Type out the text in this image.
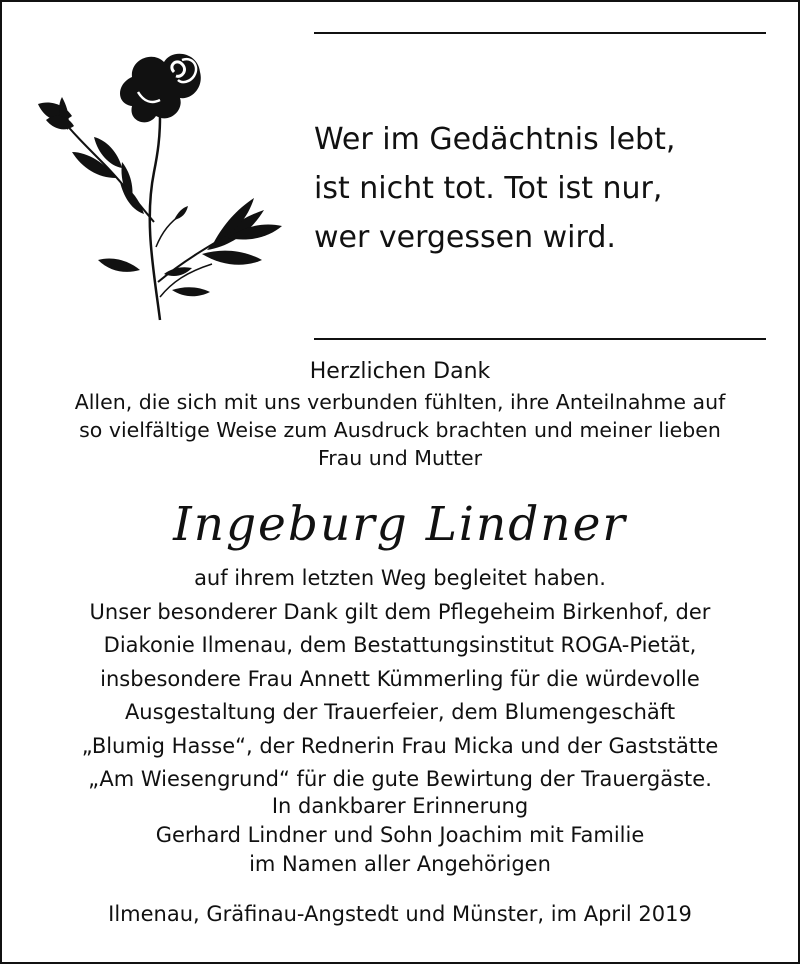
Wer im Gedächtnis lebt,
ist nicht tot. Tot ist nur,
wer vergessen wird.

Herzlichen Dank

Allen, die sich mit uns verbunden fühlten, ihre Anteilnahme auf
so vielfältige Weise zum Ausdruck brachten und meiner lieben
Frau und Mutter

Ingeburg Lindner

auf ihrem letzten Weg begleitet haben.
Unser besonderer Dank gilt dem Pflegeheim Birkenhof, der
Diakonie Ilmenau, dem Bestattungsinstitut ROGA-Pietät,
insbesondere Frau Annett Kümmerling für die würdevolle
Ausgestaltung der Trauerfeier, dem Blumengeschäft
„Blumig Hasse“, der Rednerin Frau Micka und der Gaststätte
„Am Wiesengrund“ für die gute Bewirtung der Trauergäste.

In dankbarer Erinnerung
Gerhard Lindner und Sohn Joachim mit Familie
im Namen aller Angehörigen

Ilmenau, Gräfinau-Angstedt und Münster, im April 2019
